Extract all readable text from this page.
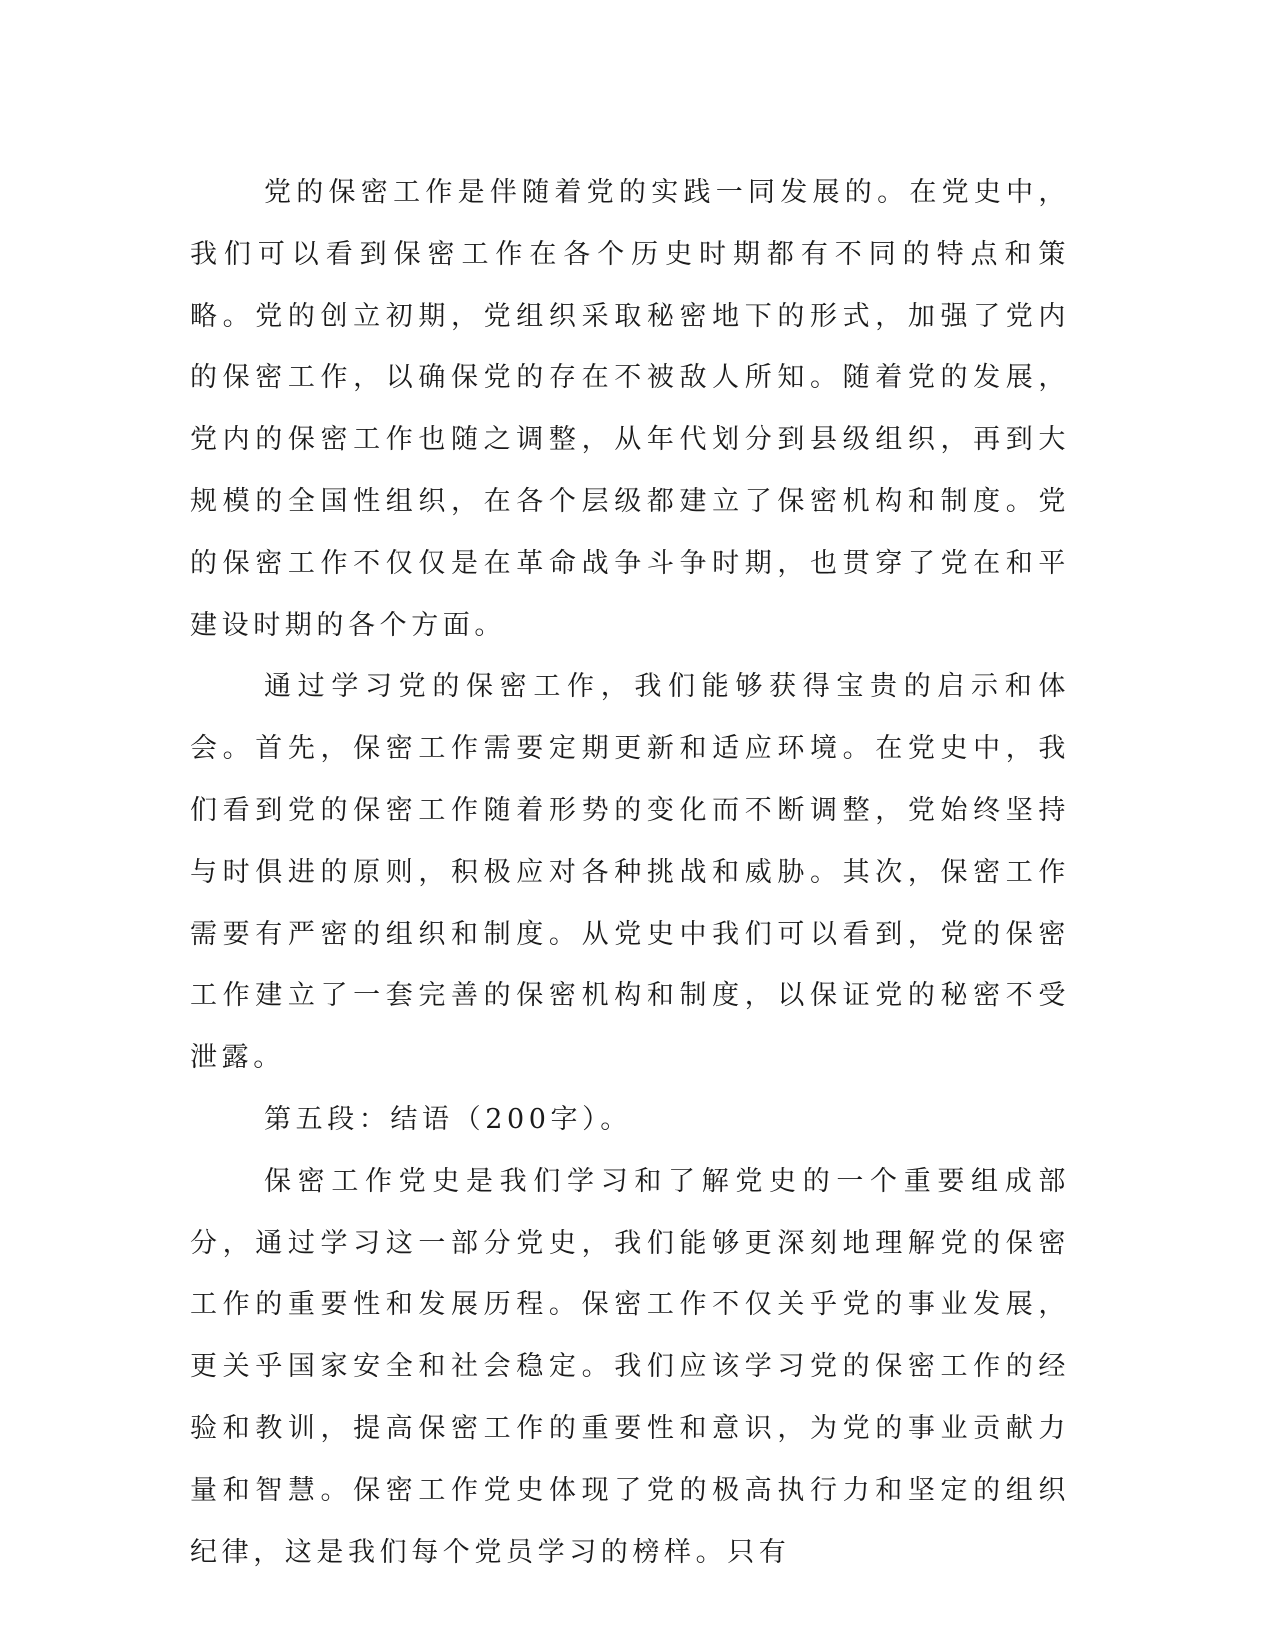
党的保密工作是伴随着党的实践一同发展的。在党史中，我们可以看到保密工作在各个历史时期都有不同的特点和策略。党的创立初期，党组织采取秘密地下的形式，加强了党内的保密工作，以确保党的存在不被敌人所知。随着党的发展，党内的保密工作也随之调整，从年代划分到县级组织，再到大规模的全国性组织，在各个层级都建立了保密机构和制度。党的保密工作不仅仅是在革命战争斗争时期，也贯穿了党在和平建设时期的各个方面。

通过学习党的保密工作，我们能够获得宝贵的启示和体会。首先，保密工作需要定期更新和适应环境。在党史中，我们看到党的保密工作随着形势的变化而不断调整，党始终坚持与时俱进的原则，积极应对各种挑战和威胁。其次，保密工作需要有严密的组织和制度。从党史中我们可以看到，党的保密工作建立了一套完善的保密机构和制度，以保证党的秘密不受泄露。

第五段：结语（200字）。

保密工作党史是我们学习和了解党史的一个重要组成部分，通过学习这一部分党史，我们能够更深刻地理解党的保密工作的重要性和发展历程。保密工作不仅关乎党的事业发展，更关乎国家安全和社会稳定。我们应该学习党的保密工作的经验和教训，提高保密工作的重要性和意识，为党的事业贡献力量和智慧。保密工作党史体现了党的极高执行力和坚定的组织纪律，这是我们每个党员学习的榜样。只有
